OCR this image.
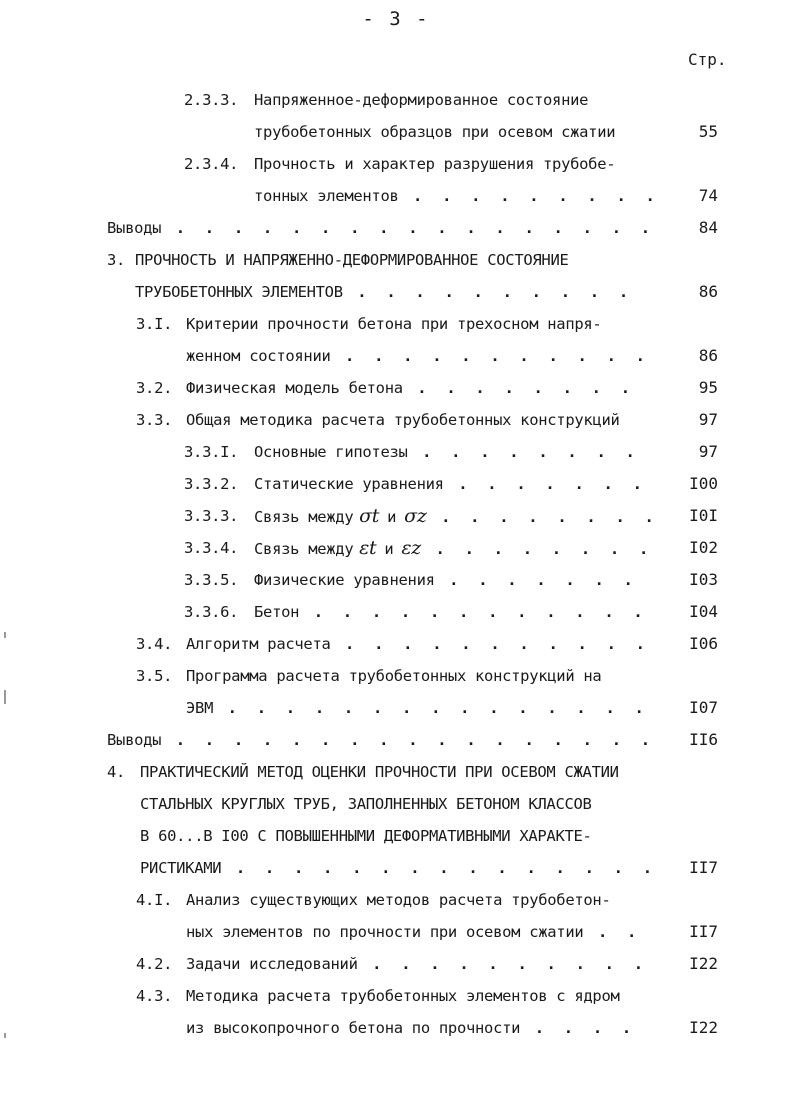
- 3 -
Стр.
2.3.3. Напряженное-деформированное состояние
трубобетонных образцов при осевом сжатии	55
2.3.4. Прочность и характер разрушения трубобе-
тонных элементов . . . . . . . . .	74
Выводы . . . . . . . . . . . . . . . . .	84
3. ПРОЧНОСТЬ И НАПРЯЖЕННО-ДЕФОРМИРОВАННОЕ СОСТОЯНИЕ
ТРУБОБЕТОННЫХ ЭЛЕМЕНТОВ . . . . . . . . . .	86
3.I. Критерии прочности бетона при трехосном напря-
женном состоянии . . . . . . . . . . .	86
3.2. Физическая модель бетона . . . . . . . .	95
3.3. Общая методика расчета трубобетонных конструкций	97
3.3.I. Основные гипотезы . . . . . . . .	97
3.3.2. Статические уравнения . . . . . . .	I00
3.3.3. Связь между σt и σz . . . . . . . .	I0I
3.3.4. Связь между εt и εz . . . . . . . .	I02
3.3.5. Физические уравнения . . . . . . .	I03
3.3.6. Бетон . . . . . . . . . . . .	I04
3.4. Алгоритм расчета . . . . . . . . . . .	I06
3.5. Программа расчета трубобетонных конструкций на
ЭВМ . . . . . . . . . . . . . . .	I07
Выводы . . . . . . . . . . . . . . . . .	II6
4. ПРАКТИЧЕСКИЙ МЕТОД ОЦЕНКИ ПРОЧНОСТИ ПРИ ОСЕВОМ СЖАТИИ
СТАЛЬНЫХ КРУГЛЫХ ТРУБ, ЗАПОЛНЕННЫХ БЕТОНОМ КЛАССОВ
В 60...В I00 С ПОВЫШЕННЫМИ ДЕФОРМАТИВНЫМИ ХАРАКТЕ-
РИСТИКАМИ . . . . . . . . . . . . . . .	II7
4.I. Анализ существующих методов расчета трубобетон-
ных элементов по прочности при осевом сжатии . .	II7
4.2. Задачи исследований . . . . . . . . . .	I22
4.3. Методика расчета трубобетонных элементов с ядром
из высокопрочного бетона по прочности . . . .	I22
